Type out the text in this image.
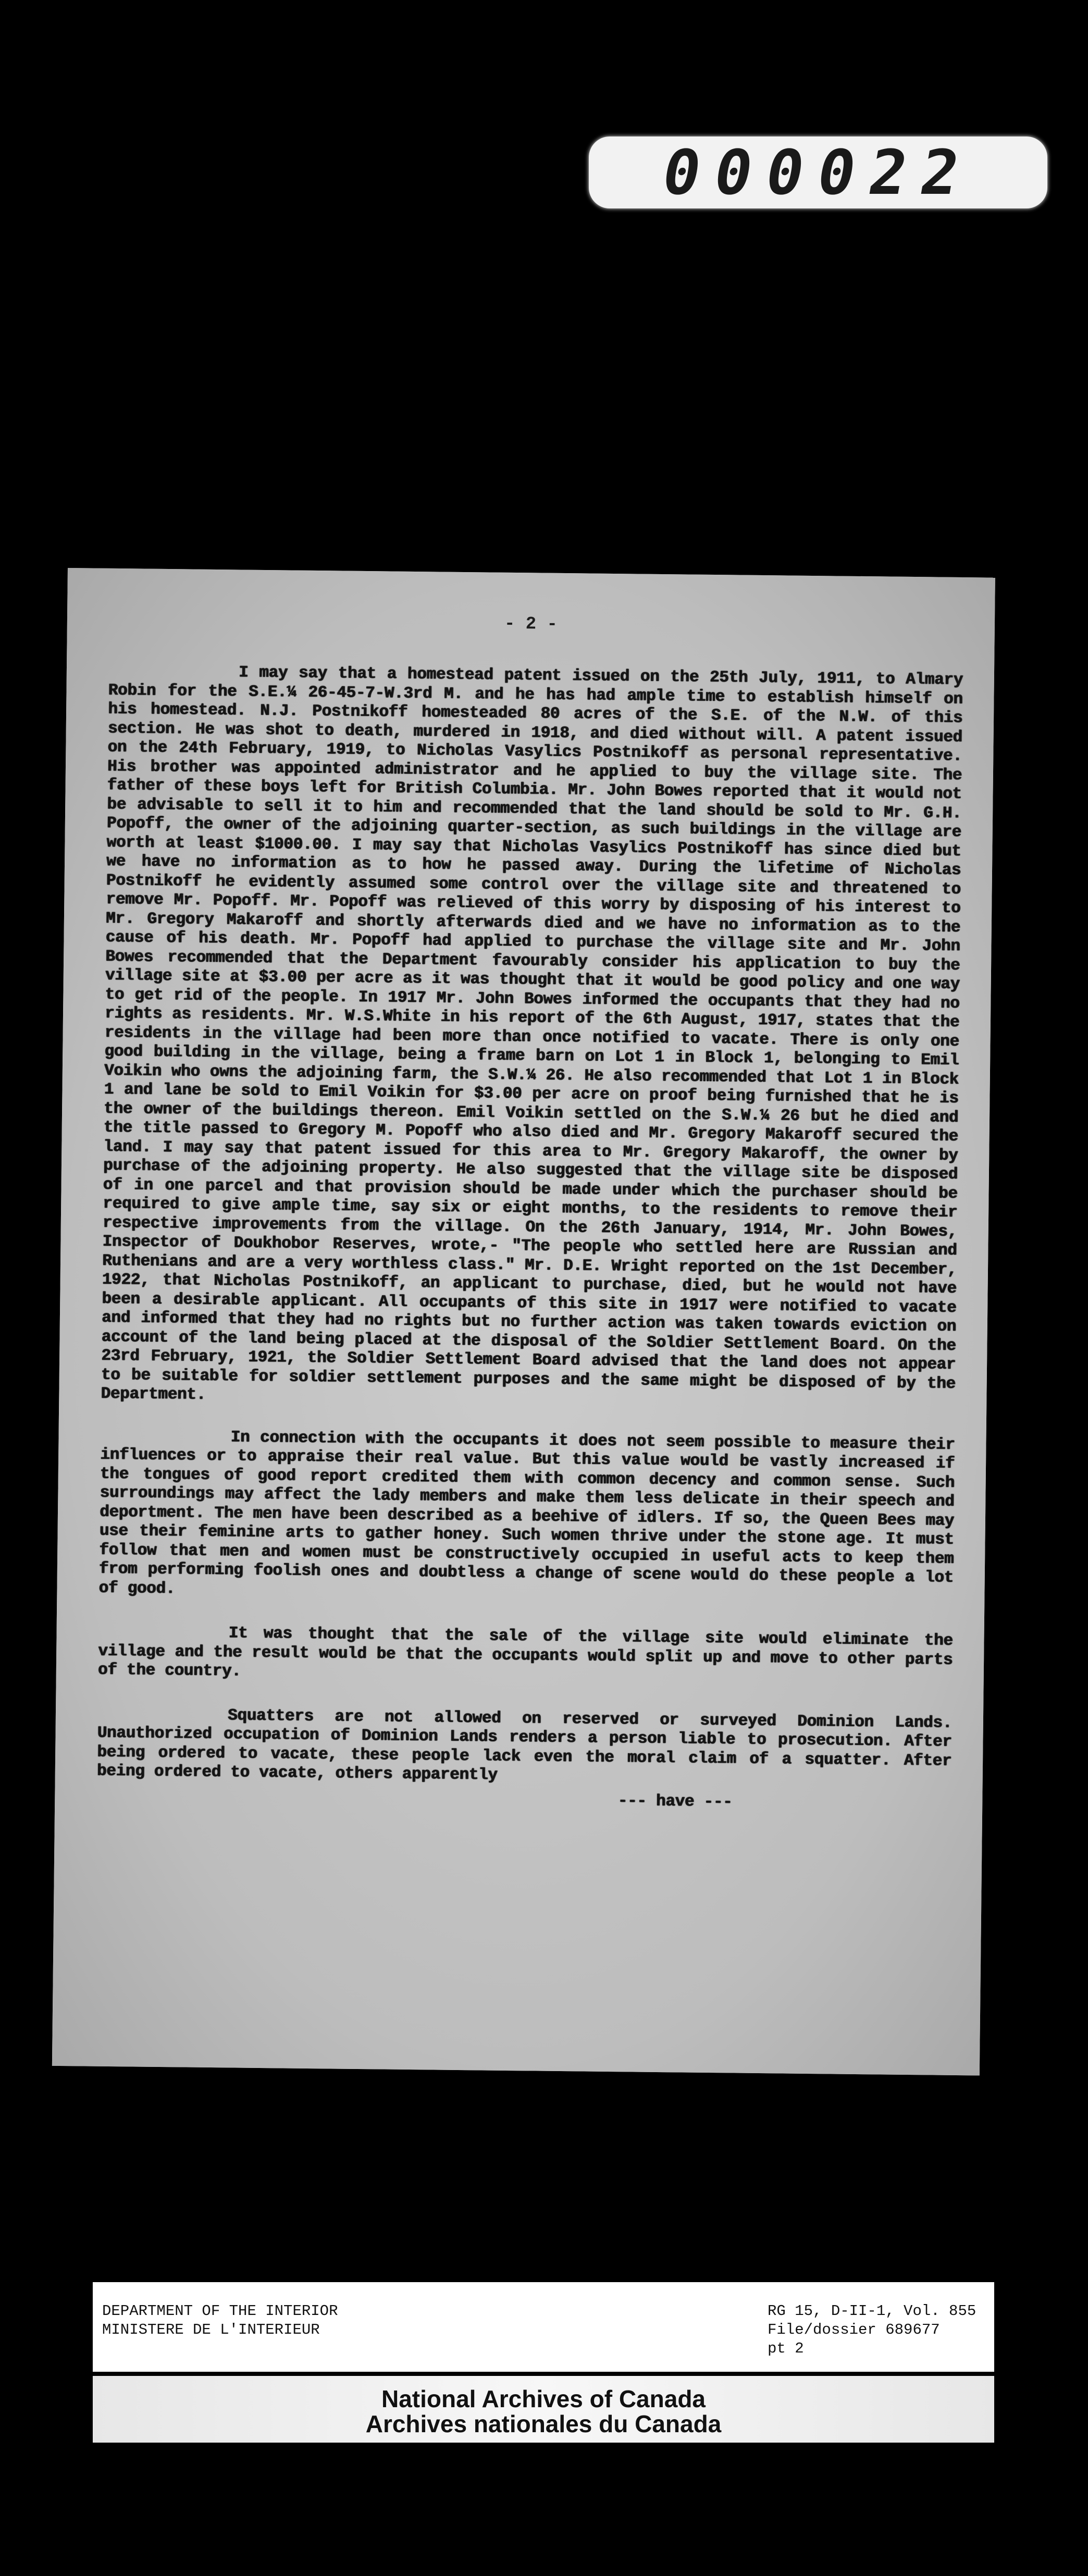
000022
- 2 -

I may say that a homestead patent issued on the 25th July, 1911, to Almary Robin for the S.E.¼ 26-45-7-W.3rd M. and he has had ample time to establish himself on his homestead. N.J. Postnikoff homesteaded 80 acres of the S.E. of the N.W. of this section. He was shot to death, murdered in 1918, and died without will. A patent issued on the 24th February, 1919, to Nicholas Vasylics Postnikoff as personal representative. His brother was appointed administrator and he applied to buy the village site. The father of these boys left for British Columbia. Mr. John Bowes reported that it would not be advisable to sell it to him and recommended that the land should be sold to Mr. G.H. Popoff, the owner of the adjoining quarter-section, as such buildings in the village are worth at least $1000.00. I may say that Nicholas Vasylics Postnikoff has since died but we have no information as to how he passed away. During the lifetime of Nicholas Postnikoff he evidently assumed some control over the village site and threatened to remove Mr. Popoff. Mr. Popoff was relieved of this worry by disposing of his interest to Mr. Gregory Makaroff and shortly afterwards died and we have no information as to the cause of his death. Mr. Popoff had applied to purchase the village site and Mr. John Bowes recommended that the Department favourably consider his application to buy the village site at $3.00 per acre as it was thought that it would be good policy and one way to get rid of the people. In 1917 Mr. John Bowes informed the occupants that they had no rights as residents. Mr. W.S.White in his report of the 6th August, 1917, states that the residents in the village had been more than once notified to vacate. There is only one good building in the village, being a frame barn on Lot 1 in Block 1, belonging to Emil Voikin who owns the adjoining farm, the S.W.¼ 26. He also recommended that Lot 1 in Block 1 and lane be sold to Emil Voikin for $3.00 per acre on proof being furnished that he is the owner of the buildings thereon. Emil Voikin settled on the S.W.¼ 26 but he died and the title passed to Gregory M. Popoff who also died and Mr. Gregory Makaroff secured the land. I may say that patent issued for this area to Mr. Gregory Makaroff, the owner by purchase of the adjoining property. He also suggested that the village site be disposed of in one parcel and that provision should be made under which the purchaser should be required to give ample time, say six or eight months, to the residents to remove their respective improvements from the village. On the 26th January, 1914, Mr. John Bowes, Inspector of Doukhobor Reserves, wrote,- "The people who settled here are Russian and Ruthenians and are a very worthless class." Mr. D.E. Wright reported on the 1st December, 1922, that Nicholas Postnikoff, an applicant to purchase, died, but he would not have been a desirable applicant. All occupants of this site in 1917 were notified to vacate and informed that they had no rights but no further action was taken towards eviction on account of the land being placed at the disposal of the Soldier Settlement Board. On the 23rd February, 1921, the Soldier Settlement Board advised that the land does not appear to be suitable for soldier settlement purposes and the same might be disposed of by the Department.

In connection with the occupants it does not seem possible to measure their influences or to appraise their real value. But this value would be vastly increased if the tongues of good report credited them with common decency and common sense. Such surroundings may affect the lady members and make them less delicate in their speech and deportment. The men have been described as a beehive of idlers. If so, the Queen Bees may use their feminine arts to gather honey. Such women thrive under the stone age. It must follow that men and women must be constructively occupied in useful acts to keep them from performing foolish ones and doubtless a change of scene would do these people a lot of good.

It was thought that the sale of the village site would eliminate the village and the result would be that the occupants would split up and move to other parts of the country.

Squatters are not allowed on reserved or surveyed Dominion Lands. Unauthorized occupation of Dominion Lands renders a person liable to prosecution. After being ordered to vacate, these people lack even the moral claim of a squatter. After being ordered to vacate, others apparently

--- have ---
DEPARTMENT OF THE INTERIOR
MINISTERE DE L'INTERIEUR
RG 15, D-II-1, Vol. 855
File/dossier 689677
pt 2
National Archives of Canada
Archives nationales du Canada
